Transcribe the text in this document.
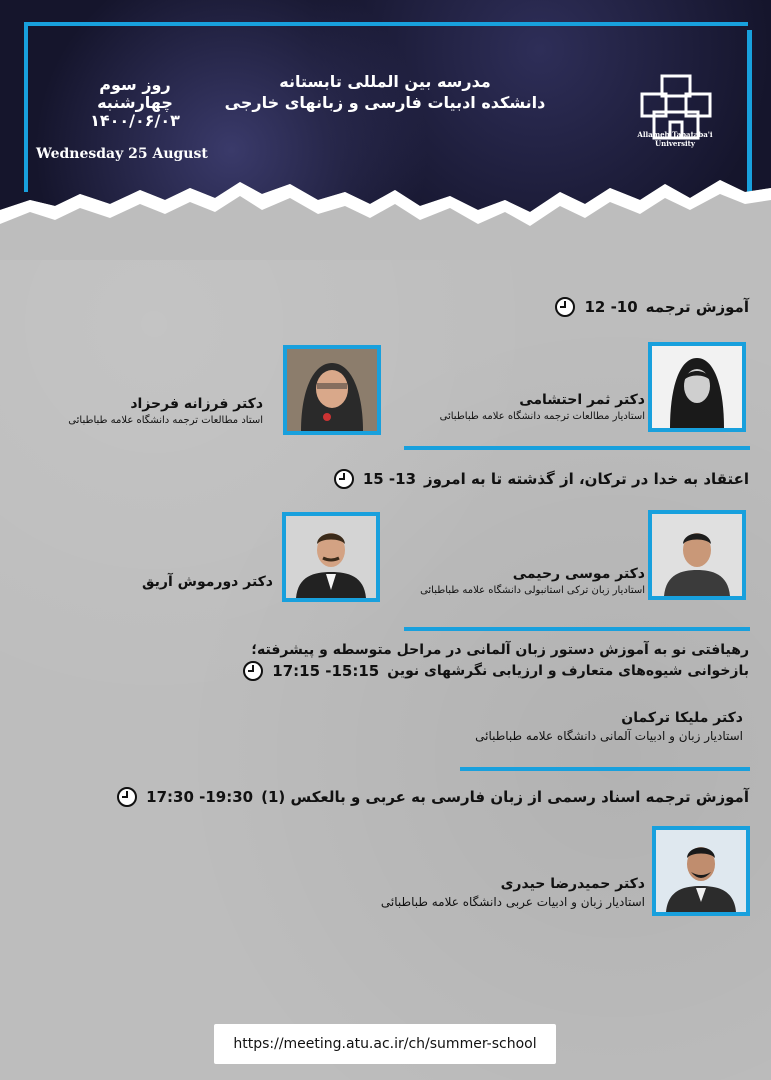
روز سوم
چهارشنبه
۱۴۰۰/۰۶/۰۳
Wednesday 25 August
مدرسه بین المللی تابستانه
دانشکده ادبیات فارسی و زبانهای خارجی
Allameh Tabataba'i
University
آموزش ترجمه
12 -10
دکتر ثمر احتشامی
استادیار مطالعات ترجمه دانشگاه علامه طباطبائی
دکتر فرزانه فرحزاد
استاد مطالعات ترجمه دانشگاه علامه طباطبائی
اعتقاد به خدا در ترکان، از گذشته تا به امروز
15 -13
دکتر موسی رحیمی
استادیار زبان ترکی استانبولی دانشگاه علامه طباطبائی
دکتر دورموش آریق
رهیافتی نو به آموزش دستور زبان آلمانی در مراحل متوسطه و پیشرفته؛
بازخوانی شیوه‌های متعارف و ارزیابی نگرشهای نوین
17:15 -15:15
دکتر ملیکا ترکمان
استادیار زبان و ادبیات آلمانی دانشگاه علامه طباطبائی
آموزش ترجمه اسناد رسمی از زبان فارسی به عربی و بالعکس (1)
17:30 -19:30
دکتر حمیدرضا حیدری
استادیار زبان و ادبیات عربی دانشگاه علامه طباطبائی
https://meeting.atu.ac.ir/ch/summer-school
